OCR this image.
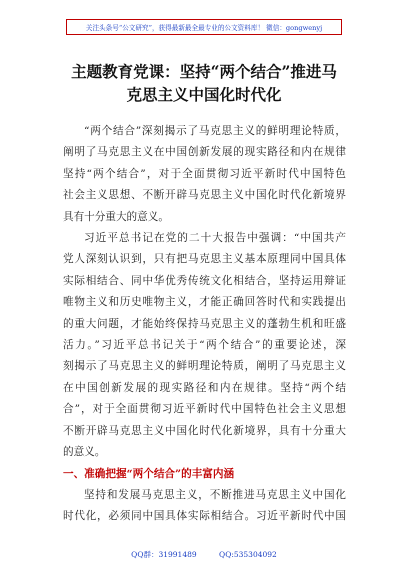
关注头条号“公文研究”，获得最新最全最专业的公文资料库！ 微信：gongwenyj
主题教育党课：坚持“两个结合”推进马
克思主义中国化时代化

“两个结合”深刻揭示了马克思主义的鲜明理论特质，
阐明了马克思主义在中国创新发展的现实路径和内在规律
坚持“两个结合”，对于全面贯彻习近平新时代中国特色
社会主义思想、不断开辟马克思主义中国化时代化新境界
具有十分重大的意义。

习近平总书记在党的二十大报告中强调：“中国共产
党人深刻认识到，只有把马克思主义基本原理同中国具体
实际相结合、同中华优秀传统文化相结合，坚持运用辩证
唯物主义和历史唯物主义，才能正确回答时代和实践提出
的重大问题，才能始终保持马克思主义的蓬勃生机和旺盛
活力。”习近平总书记关于“两个结合”的重要论述，深
刻揭示了马克思主义的鲜明理论特质，阐明了马克思主义
在中国创新发展的现实路径和内在规律。坚持“两个结
合”，对于全面贯彻习近平新时代中国特色社会主义思想
不断开辟马克思主义中国化时代化新境界，具有十分重大
的意义。

一、准确把握“两个结合”的丰富内涵

坚持和发展马克思主义，不断推进马克思主义中国化
时代化，必须同中国具体实际相结合。习近平新时代中国

QQ群：31991489	QQ:535304092
